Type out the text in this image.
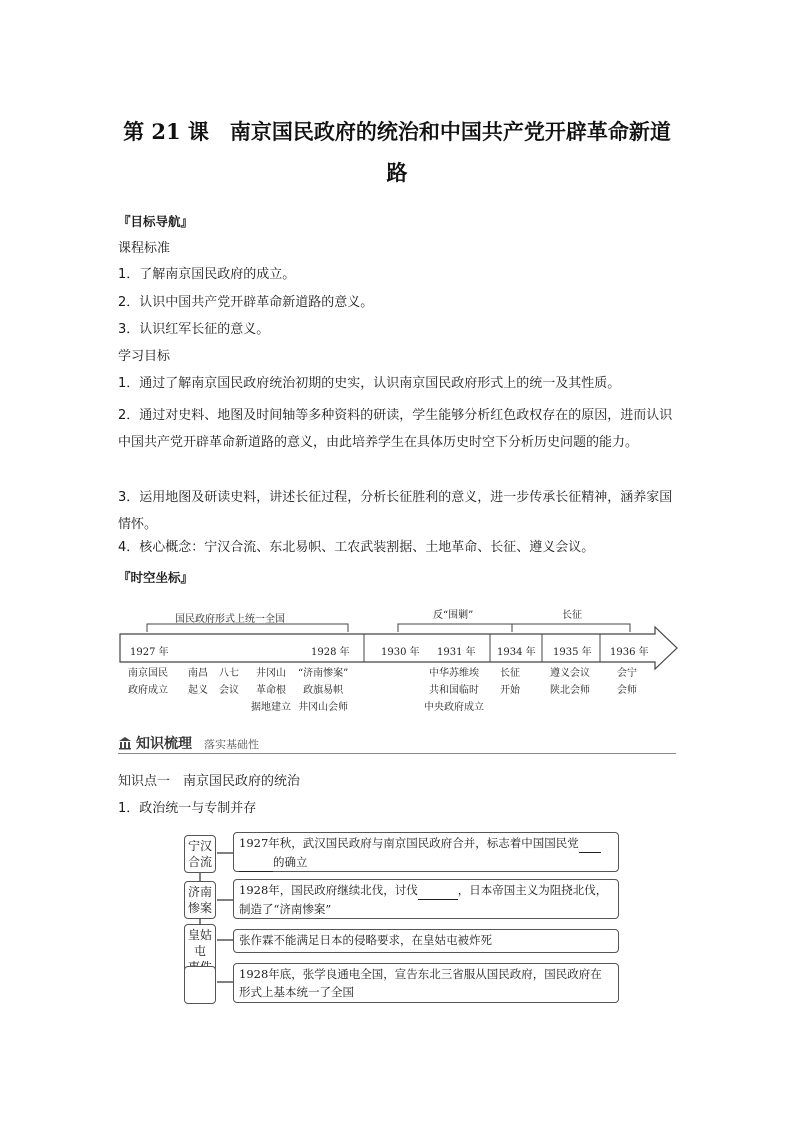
第 21 课　南京国民政府的统治和中国共产党开辟革命新道
路
『目标导航』
课程标准
1．了解南京国民政府的成立。
2．认识中国共产党开辟革命新道路的意义。
3．认识红军长征的意义。
学习目标
1．通过了解南京国民政府统治初期的史实，认识南京国民政府形式上的统一及其性质。
2．通过对史料、地图及时间轴等多种资料的研读，学生能够分析红色政权存在的原因，进而认识中国共产党开辟革命新道路的意义，由此培养学生在具体历史时空下分析历史问题的能力。
3．运用地图及研读史料，讲述长征过程，分析长征胜利的意义，进一步传承长征精神，涵养家国情怀。
4．核心概念：宁汉合流、东北易帜、工农武装割据、土地革命、长征、遵义会议。
『时空坐标』
国民政府形式上统一全国	反“围剿”	长征
1927 年	1928 年	1930 年 1931 年 1934 年 1935 年 1936 年
南京国民
政府成立
南昌
起义
八七
会议
井冈山
革命根
据地建立
“济南惨案”
政旗易帜
井冈山会师
中华苏维埃
共和国临时
中央政府成立
长征
开始
遵义会议
陕北会师
会宁
会师
知识梳理 落实基础性
知识点一　南京国民政府的统治
1．政治统一与专制并存
宁汉
合流
1927年秋，武汉国民政府与南京国民政府合并，标志着中国国民党
的确立
济南
惨案
1928年，国民政府继续北伐，讨伐	，日本帝国主义为阻挠北伐，
制造了“济南惨案”
皇姑屯
张作霖不能满足日本的侵略要求，在皇姑屯被炸死
1928年底，张学良通电全国，宣告东北三省服从国民政府，国民政府在
形式上基本统一了全国
